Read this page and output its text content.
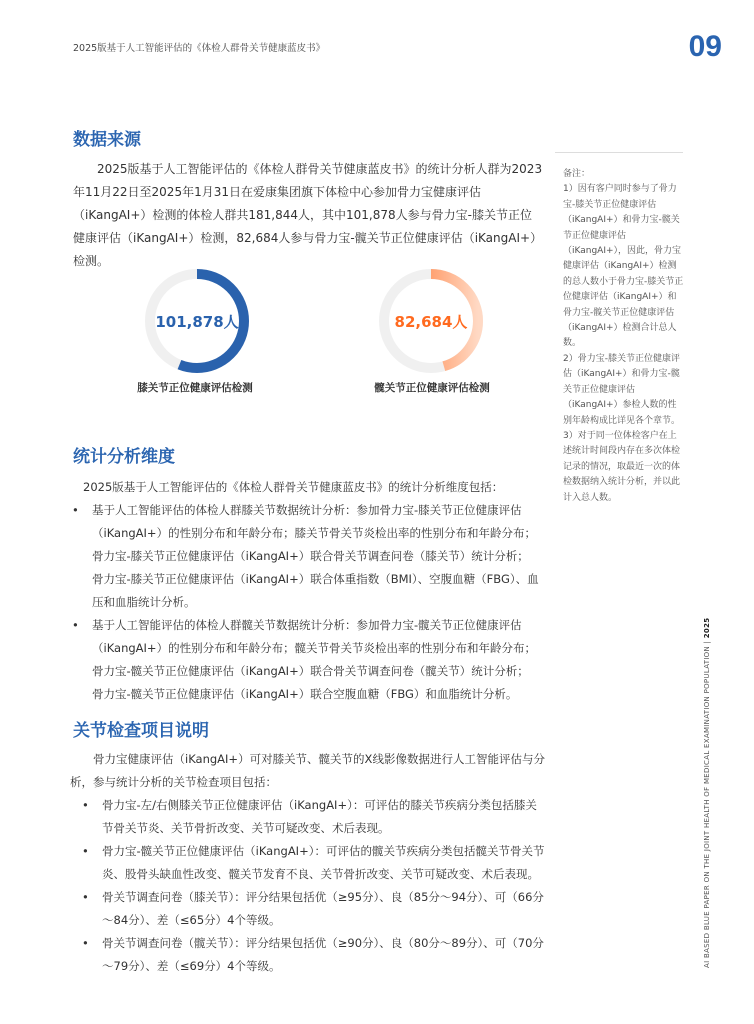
2025版基于人工智能评估的《体检人群骨关节健康蓝皮书》	09
数据来源
2025版基于人工智能评估的《体检人群骨关节健康蓝皮书》的统计分析人群为2023年11月22日至2025年1月31日在爱康集团旗下体检中心参加骨力宝健康评估（iKangAI+）检测的体检人群共181,844人，其中101,878人参与骨力宝-膝关节正位健康评估（iKangAI+）检测，82,684人参与骨力宝-髋关节正位健康评估（iKangAI+）检测。
101,878人
膝关节正位健康评估检测
82,684人
髋关节正位健康评估检测
备注：
1）因有客户同时参与了骨力宝-膝关节正位健康评估（iKangAI+）和骨力宝-髋关节正位健康评估（iKangAI+），因此，骨力宝健康评估（iKangAI+）检测的总人数小于骨力宝-膝关节正位健康评估（iKangAI+）和骨力宝-髋关节正位健康评估（iKangAI+）检测合计总人数。
2）骨力宝-膝关节正位健康评估（iKangAI+）和骨力宝-髋关节正位健康评估（iKangAI+）参检人数的性别年龄构成比详见各个章节。
3）对于同一位体检客户在上述统计时间段内存在多次体检记录的情况，取最近一次的体检数据纳入统计分析，并以此计入总人数。
统计分析维度
2025版基于人工智能评估的《体检人群骨关节健康蓝皮书》的统计分析维度包括：
• 基于人工智能评估的体检人群膝关节数据统计分析：参加骨力宝-膝关节正位健康评估（iKangAI+）的性别分布和年龄分布；膝关节骨关节炎检出率的性别分布和年龄分布；骨力宝-膝关节正位健康评估（iKangAI+）联合骨关节调查问卷（膝关节）统计分析；骨力宝-膝关节正位健康评估（iKangAI+）联合体重指数（BMI）、空腹血糖（FBG）、血压和血脂统计分析。
• 基于人工智能评估的体检人群髋关节数据统计分析：参加骨力宝-髋关节正位健康评估（iKangAI+）的性别分布和年龄分布；髋关节骨关节炎检出率的性别分布和年龄分布；骨力宝-髋关节正位健康评估（iKangAI+）联合骨关节调查问卷（髋关节）统计分析；骨力宝-髋关节正位健康评估（iKangAI+）联合空腹血糖（FBG）和血脂统计分析。
关节检查项目说明
骨力宝健康评估（iKangAI+）可对膝关节、髋关节的X线影像数据进行人工智能评估与分析，参与统计分析的关节检查项目包括：
• 骨力宝-左/右侧膝关节正位健康评估（iKangAI+）：可评估的膝关节疾病分类包括膝关节骨关节炎、关节骨折改变、关节可疑改变、术后表现。
• 骨力宝-髋关节正位健康评估（iKangAI+）：可评估的髋关节疾病分类包括髋关节骨关节炎、股骨头缺血性改变、髋关节发育不良、关节骨折改变、关节可疑改变、术后表现。
• 骨关节调查问卷（膝关节）：评分结果包括优（≥95分）、良（85分～94分）、可（66分～84分）、差（≤65分）4个等级。
• 骨关节调查问卷（髋关节）：评分结果包括优（≥90分）、良（80分～89分）、可（70分～79分）、差（≤69分）4个等级。	AI BASED BLUE PAPER ON THE JOINT HEALTH OF MEDICAL EXAMINATION POPULATION | 2025
